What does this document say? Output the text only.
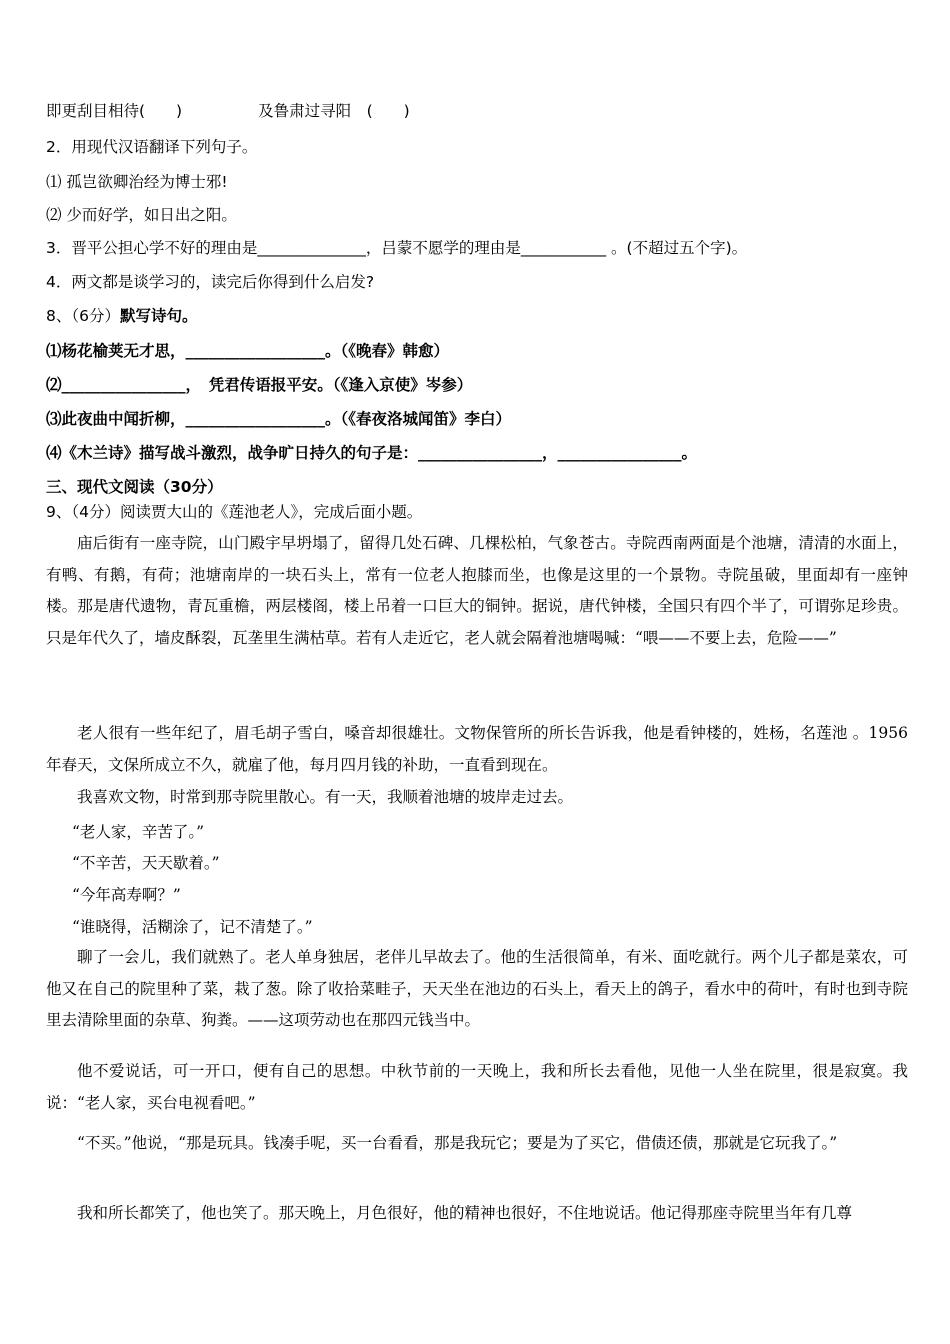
即更刮目相待(　　)	及鲁肃过寻阳　(　　)
2．用现代汉语翻译下列句子。
⑴ 孤岂欲卿治经为博士邪!
⑵ 少而好学，如日出之阳。
3．晋平公担心学不好的理由是______________，吕蒙不愿学的理由是___________ 。(不超过五个字)。
4．两文都是谈学习的，读完后你得到什么启发?
8、（6分）默写诗句。
⑴杨花榆荚无才思，__________________。（《晚春》韩愈）
⑵________________，　凭君传语报平安。（《逢入京使》岑参）
⑶此夜曲中闻折柳，__________________。（《春夜洛城闻笛》李白）
⑷《木兰诗》描写战斗激烈，战争旷日持久的句子是：________________，________________。
三、现代文阅读（30分）
9、（4分）阅读贾大山的《莲池老人》，完成后面小题。

庙后街有一座寺院，山门殿宇早坍塌了，留得几处石碑、几棵松柏，气象苍古。寺院西南两面是个池塘，清清的水面上，有鸭、有鹅，有荷；池塘南岸的一块石头上，常有一位老人抱膝而坐，也像是这里的一个景物。寺院虽破，里面却有一座钟楼。那是唐代遗物，青瓦重檐，两层楼阁，楼上吊着一口巨大的铜钟。据说，唐代钟楼，全国只有四个半了，可谓弥足珍贵。只是年代久了，墙皮酥裂，瓦垄里生满枯草。若有人走近它，老人就会隔着池塘喝喊：“喂——不要上去，危险——”

老人很有一些年纪了，眉毛胡子雪白，嗓音却很雄壮。文物保管所的所长告诉我，他是看钟楼的，姓杨，名莲池 。1956年春天，文保所成立不久，就雇了他，每月四月钱的补助，一直看到现在。

我喜欢文物，时常到那寺院里散心。有一天，我顺着池塘的坡岸走过去。

“老人家，辛苦了。”
“不辛苦，天天歇着。”
“今年高寿啊？”
“谁晓得，活糊涂了，记不清楚了。”

聊了一会儿，我们就熟了。老人单身独居，老伴儿早故去了。他的生活很简单，有米、面吃就行。两个儿子都是菜农，可他又在自己的院里种了菜，栽了葱。除了收拾菜畦子，天天坐在池边的石头上，看天上的鸽子，看水中的荷叶，有时也到寺院里去清除里面的杂草、狗粪。——这项劳动也在那四元钱当中。

他不爱说话，可一开口，便有自己的思想。中秋节前的一天晚上，我和所长去看他，见他一人坐在院里，很是寂寞。我说：“老人家，买台电视看吧。”

“不买。”他说，“那是玩具。钱凑手呢，买一台看看，那是我玩它；要是为了买它，借债还债，那就是它玩我了。”

我和所长都笑了，他也笑了。那天晚上，月色很好，他的精神也很好，不住地说话。他记得那座寺院里当年有几尊
